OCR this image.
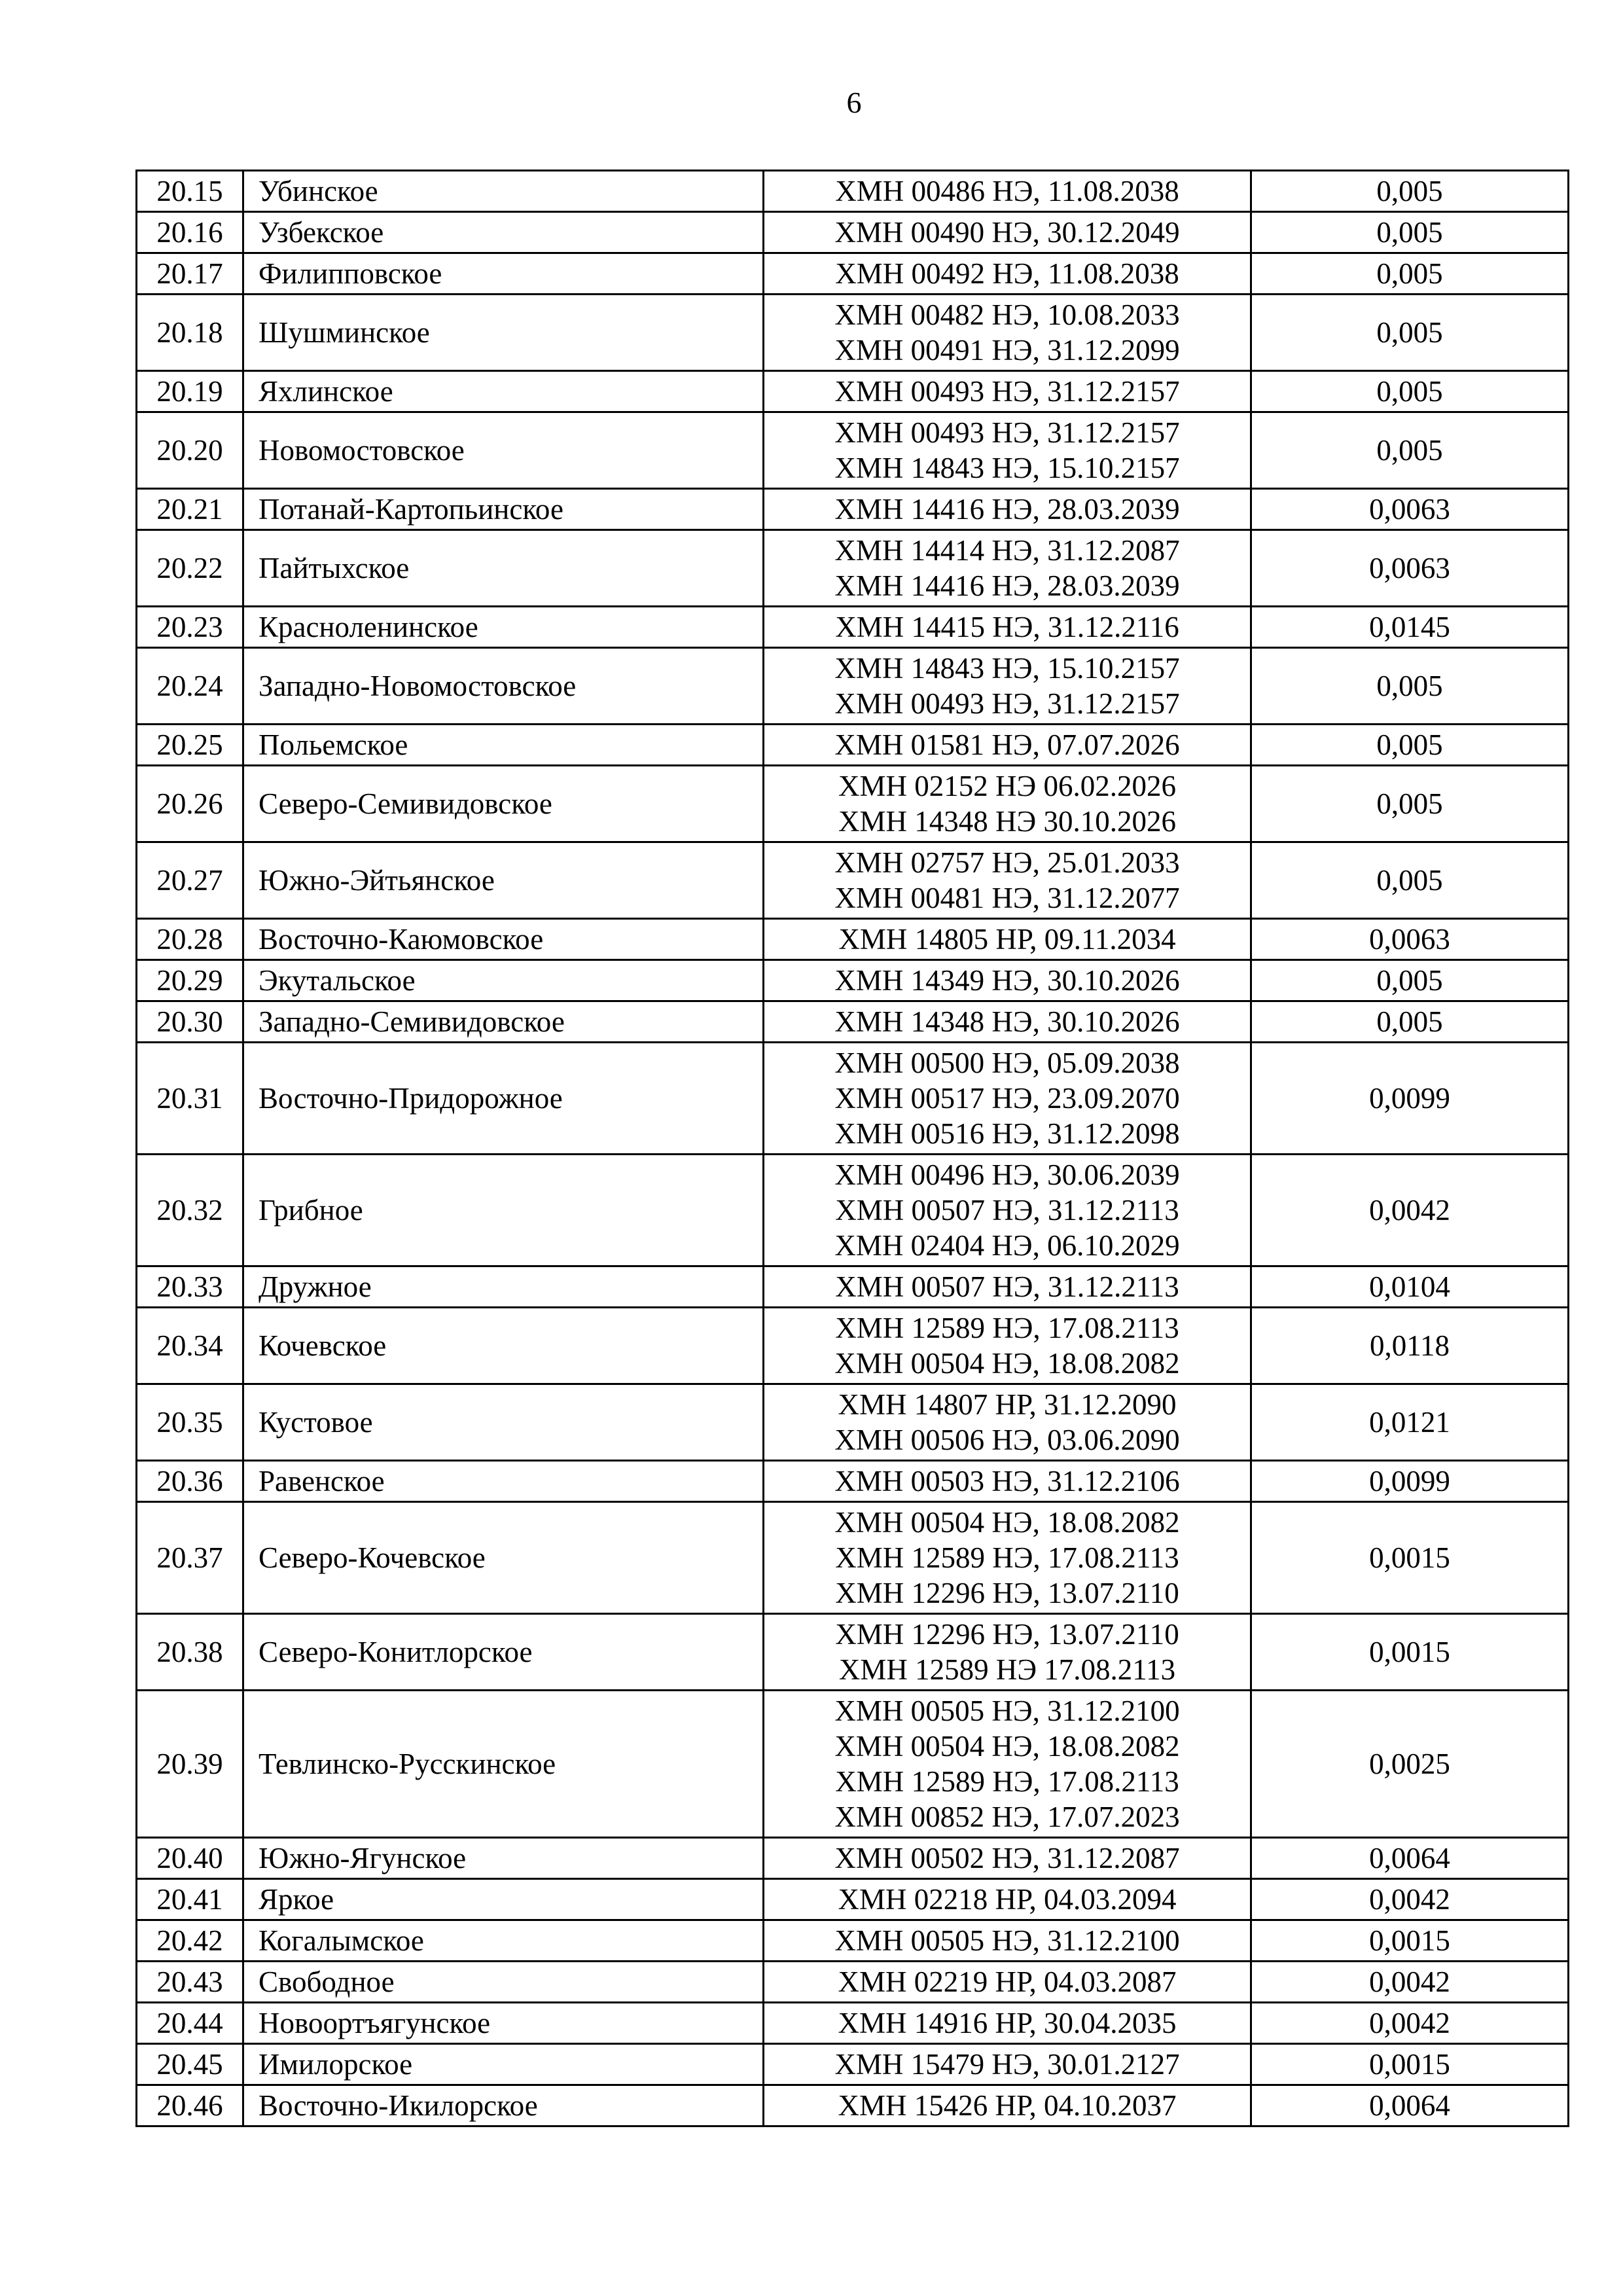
6
20.15	Убинское	ХМН 00486 НЭ, 11.08.2038	0,005
20.16	Узбекское	ХМН 00490 НЭ, 30.12.2049	0,005
20.17	Филипповское	ХМН 00492 НЭ, 11.08.2038	0,005
20.18	Шушминское	ХМН 00482 НЭ, 10.08.2033
ХМН 00491 НЭ, 31.12.2099	0,005
20.19	Яхлинское	ХМН 00493 НЭ, 31.12.2157	0,005
20.20	Новомостовское	ХМН 00493 НЭ, 31.12.2157
ХМН 14843 НЭ, 15.10.2157	0,005
20.21	Потанай-Картопьинское	ХМН 14416 НЭ, 28.03.2039	0,0063
20.22	Пайтыхское	ХМН 14414 НЭ, 31.12.2087
ХМН 14416 НЭ, 28.03.2039	0,0063
20.23	Красноленинское	ХМН 14415 НЭ, 31.12.2116	0,0145
20.24	Западно-Новомостовское	ХМН 14843 НЭ, 15.10.2157
ХМН 00493 НЭ, 31.12.2157	0,005
20.25	Польемское	ХМН 01581 НЭ, 07.07.2026	0,005
20.26	Северо-Семивидовское	ХМН 02152 НЭ 06.02.2026
ХМН 14348 НЭ 30.10.2026	0,005
20.27	Южно-Эйтьянское	ХМН 02757 НЭ, 25.01.2033
ХМН 00481 НЭ, 31.12.2077	0,005
20.28	Восточно-Каюмовское	ХМН 14805 НР, 09.11.2034	0,0063
20.29	Экутальское	ХМН 14349 НЭ, 30.10.2026	0,005
20.30	Западно-Семивидовское	ХМН 14348 НЭ, 30.10.2026	0,005
20.31	Восточно-Придорожное	ХМН 00500 НЭ, 05.09.2038
ХМН 00517 НЭ, 23.09.2070
ХМН 00516 НЭ, 31.12.2098	0,0099
20.32	Грибное	ХМН 00496 НЭ, 30.06.2039
ХМН 00507 НЭ, 31.12.2113
ХМН 02404 НЭ, 06.10.2029	0,0042
20.33	Дружное	ХМН 00507 НЭ, 31.12.2113	0,0104
20.34	Кочевское	ХМН 12589 НЭ, 17.08.2113
ХМН 00504 НЭ, 18.08.2082	0,0118
20.35	Кустовое	ХМН 14807 НР, 31.12.2090
ХМН 00506 НЭ, 03.06.2090	0,0121
20.36	Равенское	ХМН 00503 НЭ, 31.12.2106	0,0099
20.37	Северо-Кочевское	ХМН 00504 НЭ, 18.08.2082
ХМН 12589 НЭ, 17.08.2113
ХМН 12296 НЭ, 13.07.2110	0,0015
20.38	Северо-Конитлорское	ХМН 12296 НЭ, 13.07.2110
ХМН 12589 НЭ 17.08.2113	0,0015
20.39	Тевлинско-Русскинское	ХМН 00505 НЭ, 31.12.2100
ХМН 00504 НЭ, 18.08.2082
ХМН 12589 НЭ, 17.08.2113
ХМН 00852 НЭ, 17.07.2023	0,0025
20.40	Южно-Ягунское	ХМН 00502 НЭ, 31.12.2087	0,0064
20.41	Яркое	ХМН 02218 НР, 04.03.2094	0,0042
20.42	Когалымское	ХМН 00505 НЭ, 31.12.2100	0,0015
20.43	Свободное	ХМН 02219 НР, 04.03.2087	0,0042
20.44	Новоортъягунское	ХМН 14916 НР, 30.04.2035	0,0042
20.45	Имилорское	ХМН 15479 НЭ, 30.01.2127	0,0015
20.46	Восточно-Икилорское	ХМН 15426 НР, 04.10.2037	0,0064
